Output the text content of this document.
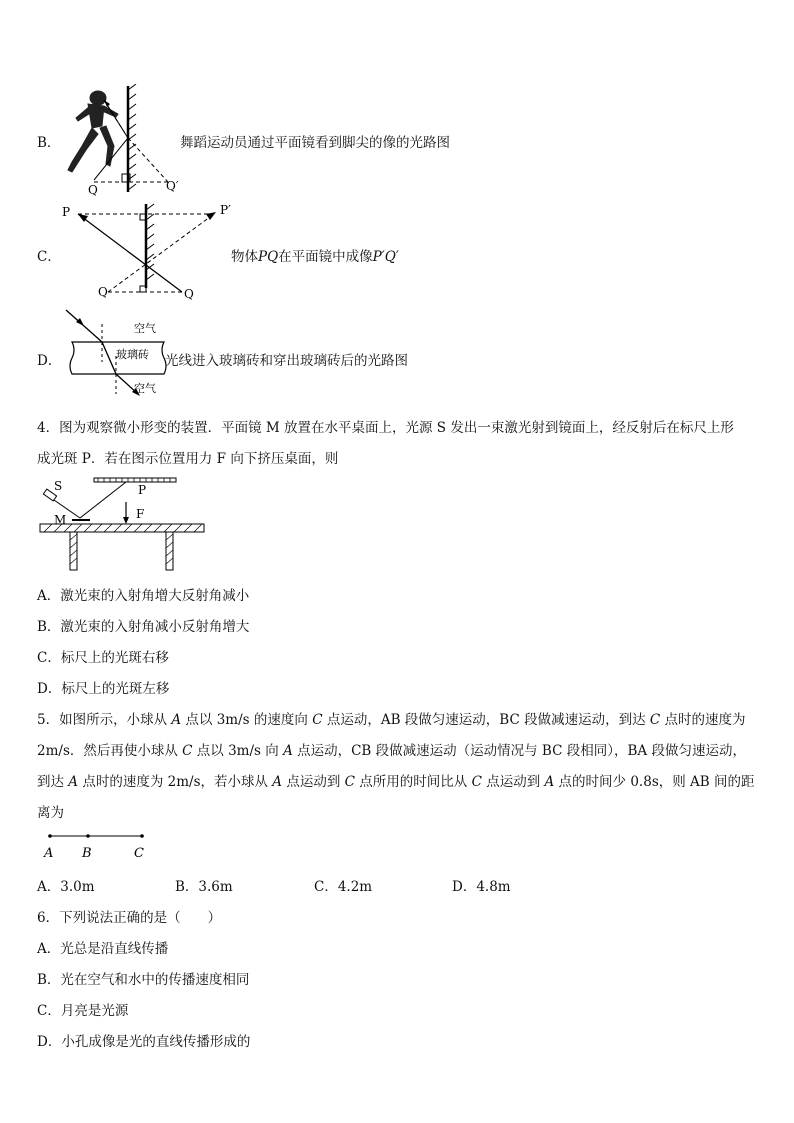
B．
Q	Q′
舞蹈运动员通过平面镜看到脚尖的像的光路图
C．
P	P′
Q	Q
物体PQ在平面镜中成像P′Q′
D．
空气
玻璃砖
空气
光线进入玻璃砖和穿出玻璃砖后的光路图
4．图为观察微小形变的装置．平面镜 M 放置在水平桌面上，光源 S 发出一束激光射到镜面上，经反射后在标尺上形
成光斑 P．若在图示位置用力 F 向下挤压桌面，则
S
M
P
F
A．激光束的入射角增大反射角减小
B．激光束的入射角减小反射角增大
C．标尺上的光斑右移
D．标尺上的光斑左移
5．如图所示，小球从 A 点以 3m/s 的速度向 C 点运动，AB 段做匀速运动，BC 段做减速运动，到达 C 点时的速度为
2m/s．然后再使小球从 C 点以 3m/s 向 A 点运动，CB 段做减速运动（运动情况与 BC 段相同），BA 段做匀速运动，
到达 A 点时的速度为 2m/s，若小球从 A 点运动到 C 点所用的时间比从 C 点运动到 A 点的时间少 0.8s，则 AB 间的距
离为
A B	C
A．3.0m	B．3.6m	C．4.2m	D．4.8m
6．下列说法正确的是（　　）
A．光总是沿直线传播
B．光在空气和水中的传播速度相同
C．月亮是光源
D．小孔成像是光的直线传播形成的
